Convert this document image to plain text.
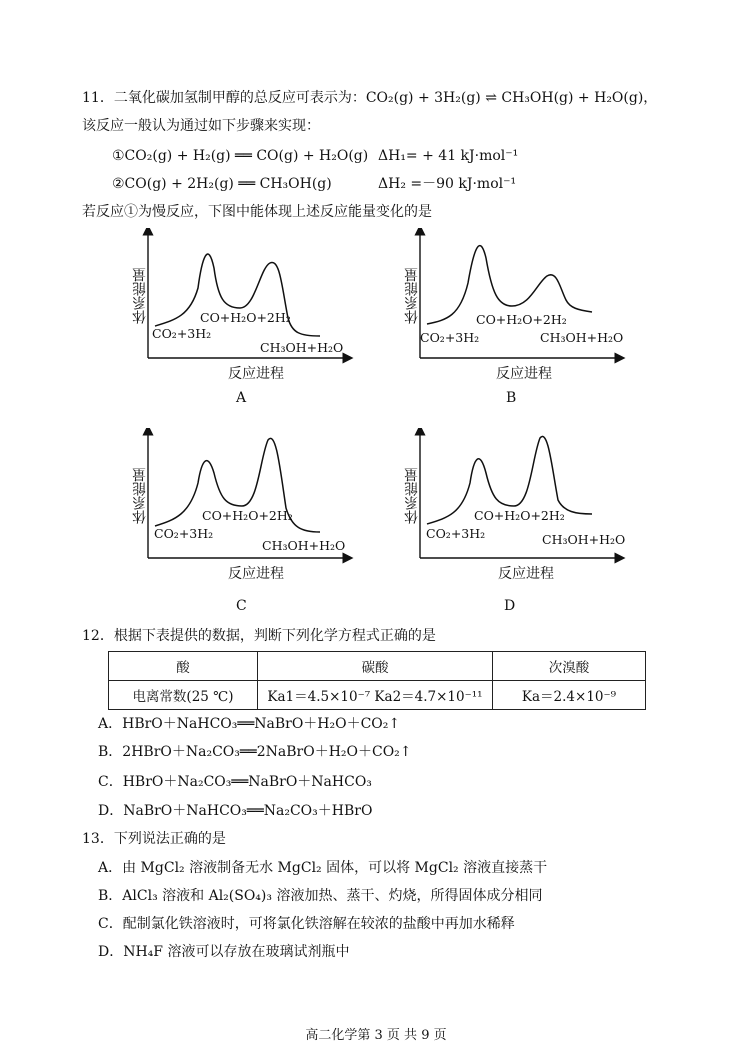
11．二氧化碳加氢制甲醇的总反应可表示为：CO₂(g) + 3H₂(g) ⇌ CH₃OH(g) + H₂O(g)，
该反应一般认为通过如下步骤来实现：
①CO₂(g) + H₂(g) ══ CO(g) + H₂O(g) ΔH₁= + 41 kJ·mol⁻¹
②CO(g) + 2H₂(g) ══ CH₃OH(g)	ΔH₂ =－90 kJ·mol⁻¹
若反应①为慢反应，下图中能体现上述反应能量变化的是
体系能量
CO₂+3H₂
CO+H₂O+2H₂
CH₃OH+H₂O
反应进程
A
体系能量
CO₂+3H₂
CO+H₂O+2H₂
CH₃OH+H₂O
反应进程
B
体系能量
CO₂+3H₂
CO+H₂O+2H₂
CH₃OH+H₂O
反应进程
C
体系能量
CO₂+3H₂
CO+H₂O+2H₂
CH₃OH+H₂O
反应进程
D
12．根据下表提供的数据，判断下列化学方程式正确的是
酸	碳酸	次溴酸
电离常数(25 ℃)	Ka1＝4.5×10⁻⁷ Ka2＝4.7×10⁻¹¹	Ka＝2.4×10⁻⁹
A．HBrO＋NaHCO₃══NaBrO＋H₂O＋CO₂↑
B．2HBrO＋Na₂CO₃══2NaBrO＋H₂O＋CO₂↑
C．HBrO＋Na₂CO₃══NaBrO＋NaHCO₃
D．NaBrO＋NaHCO₃══Na₂CO₃＋HBrO
13．下列说法正确的是
A．由 MgCl₂ 溶液制备无水 MgCl₂ 固体，可以将 MgCl₂ 溶液直接蒸干
B．AlCl₃ 溶液和 Al₂(SO₄)₃ 溶液加热、蒸干、灼烧，所得固体成分相同
C．配制氯化铁溶液时，可将氯化铁溶解在较浓的盐酸中再加水稀释
D．NH₄F 溶液可以存放在玻璃试剂瓶中
高二化学第 3 页 共 9 页
